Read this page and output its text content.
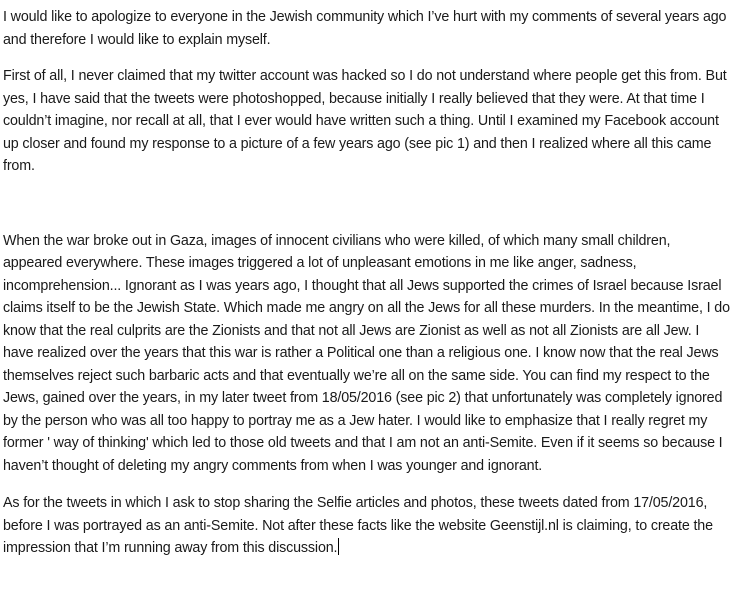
I would like to apologize to everyone in the Jewish community which I’ve hurt with my comments of several years ago and therefore I would like to explain myself.

First of all, I never claimed that my twitter account was hacked so I do not understand where people get this from. But yes, I have said that the tweets were photoshopped, because initially I really believed that they were. At that time I couldn’t imagine, nor recall at all, that I ever would have written such a thing. Until I examined my Facebook account up closer and found my response to a picture of a few years ago (see pic 1) and then I realized where all this came from.

When the war broke out in Gaza, images of innocent civilians who were killed, of which many small children, appeared everywhere. These images triggered a lot of unpleasant emotions in me like anger, sadness, incomprehension... Ignorant as I was years ago, I thought that all Jews supported the crimes of Israel because Israel claims itself to be the Jewish State. Which made me angry on all the Jews for all these murders. In the meantime, I do know that the real culprits are the Zionists and that not all Jews are Zionist as well as not all Zionists are all Jew. I have realized over the years that this war is rather a Political one than a religious one. I know now that the real Jews themselves reject such barbaric acts and that eventually we’re all on the same side. You can find my respect to the Jews, gained over the years, in my later tweet from 18/05/2016 (see pic 2) that unfortunately was completely ignored by the person who was all too happy to portray me as a Jew hater. I would like to emphasize that I really regret my former ' way of thinking' which led to those old tweets and that I am not an anti-Semite. Even if it seems so because I haven’t thought of deleting my angry comments from when I was younger and ignorant.

As for the tweets in which I ask to stop sharing the Selfie articles and photos, these tweets dated from 17/05/2016, before I was portrayed as an anti-Semite. Not after these facts like the website Geenstijl.nl is claiming, to create the impression that I’m running away from this discussion.
